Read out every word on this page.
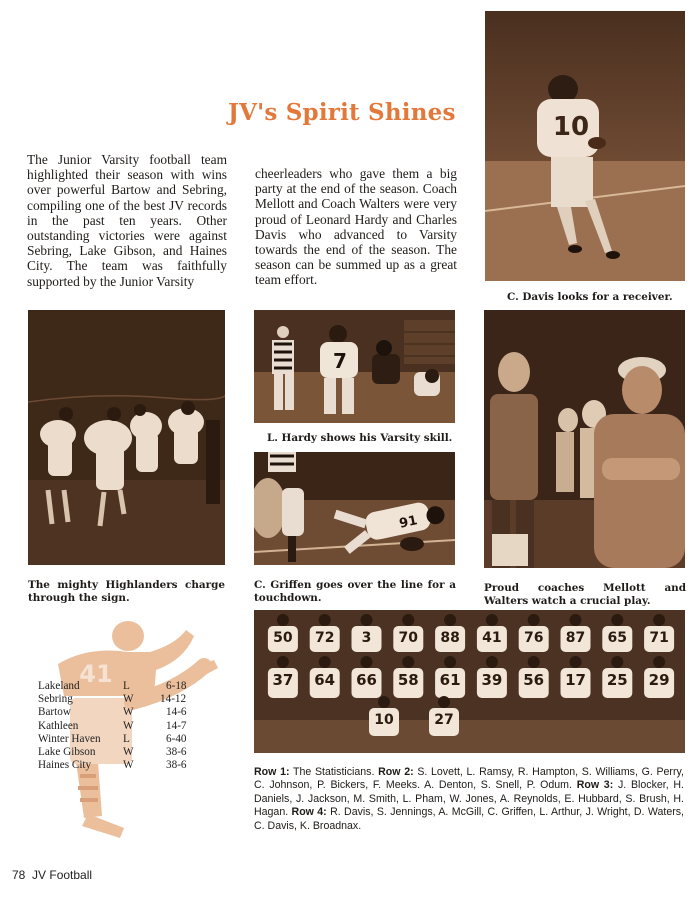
JV's Spirit Shines
The Junior Varsity football team highlighted their season with wins over powerful Bartow and Sebring, compiling one of the best JV records in the past ten years. Other outstanding victories were against Sebring, Lake Gibson, and Haines City. The team was faithfully supported by the Junior Varsity
cheerleaders who gave them a big party at the end of the season. Coach Mellott and Coach Walters were very proud of Leonard Hardy and Charles Davis who advanced to Varsity towards the end of the season. The season can be summed up as a great team effort.
10
C. Davis looks for a receiver.
The mighty Highlanders charge through the sign.
7
L. Hardy shows his Varsity skill.
91
C. Griffen goes over the line for a touchdown.
Proud coaches Mellott and Walters watch a crucial play.
41
Lakeland	L	6-18
Sebring	W 14-12
Bartow	W	14-6
Kathleen	W	14-7
Winter Haven L	6-40
Lake Gibson W	38-6
Haines City	W	38-6
50 72 3 70 88 41 76 87 65 71
37 64 66 58 61 39 56 17 25 29
10	27
Row 1: The Statisticians. Row 2: S. Lovett, L. Ramsy, R. Hampton, S. Williams, G. Perry, C. Johnson, P. Bickers, F. Meeks. A. Denton, S. Snell, P. Odum. Row 3: J. Blocker, H. Daniels, J. Jackson, M. Smith, L. Pham, W. Jones, A. Reynolds, E. Hubbard, S. Brush, H. Hagan. Row 4: R. Davis, S. Jennings, A. McGill, C. Griffen, L. Arthur, J. Wright, D. Waters, C. Davis, K. Broadnax.
78 JV Football
